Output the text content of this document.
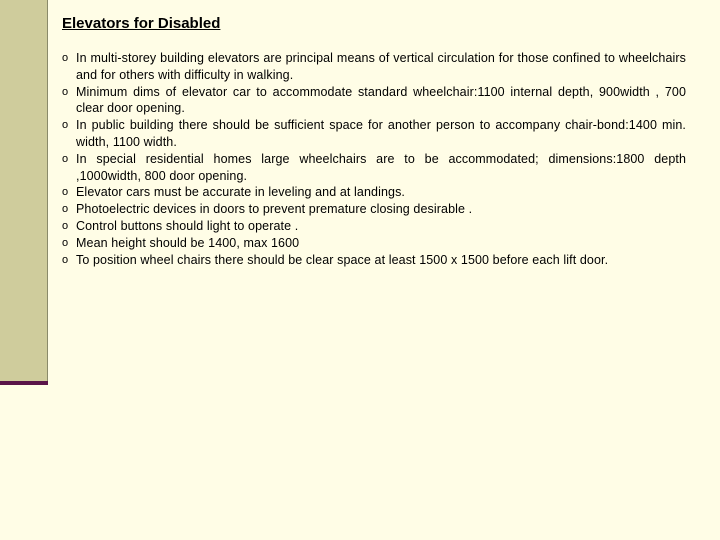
Elevators for Disabled
o In multi-storey building elevators are principal means of vertical circulation for those confined to wheelchairs and for others with difficulty in walking.
o Minimum dims of elevator car to accommodate standard wheelchair:1100 internal depth, 900width , 700 clear door opening.
o In public building there should be sufficient space for another person to accompany chair-bond:1400 min. width, 1100 width.
o In special residential homes large wheelchairs are to be accommodated; dimensions:1800 depth ,1000width, 800 door opening.
o Elevator cars must be accurate in leveling and at landings.
o Photoelectric devices in doors to prevent premature closing desirable .
o Control buttons should light to operate .
o Mean height should be 1400, max 1600
o To position wheel chairs there should be clear space at least 1500 x 1500 before each lift door.
